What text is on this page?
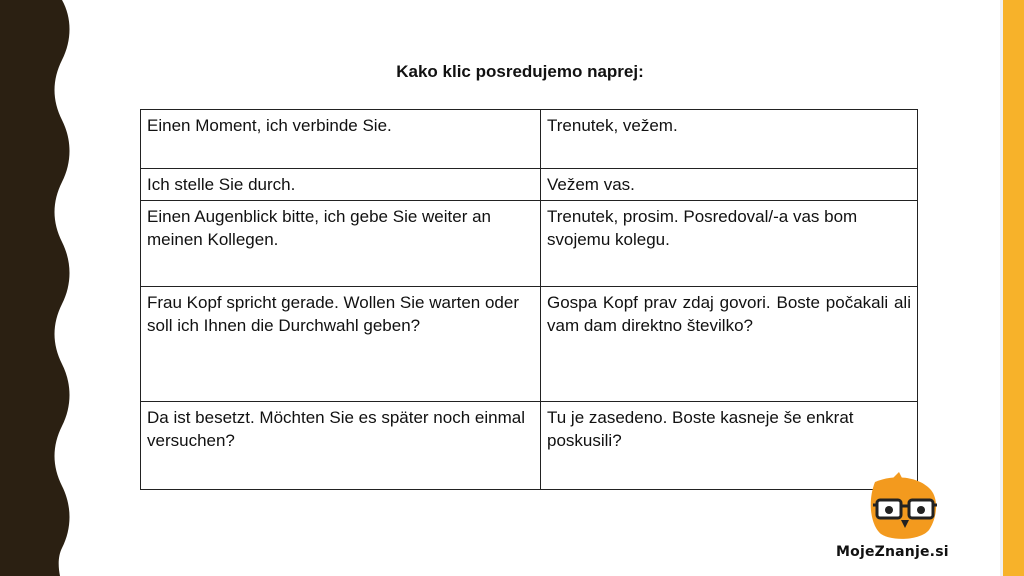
Kako klic posredujemo naprej:
Einen Moment, ich verbinde Sie.	Trenutek, vežem.
Ich stelle Sie durch.	Vežem vas.
Einen Augenblick bitte, ich gebe Sie weiter an meinen Kollegen.	Trenutek, prosim. Posredoval/-a vas bom svojemu kolegu.
Frau Kopf spricht gerade. Wollen Sie warten oder soll ich Ihnen die Durchwahl geben?	Gospa Kopf prav zdaj govori. Boste počakali ali vam dam direktno številko?
Da ist besetzt. Möchten Sie es später noch einmal versuchen?	Tu je zasedeno. Boste kasneje še enkrat poskusili?
MojeZnanje.si
